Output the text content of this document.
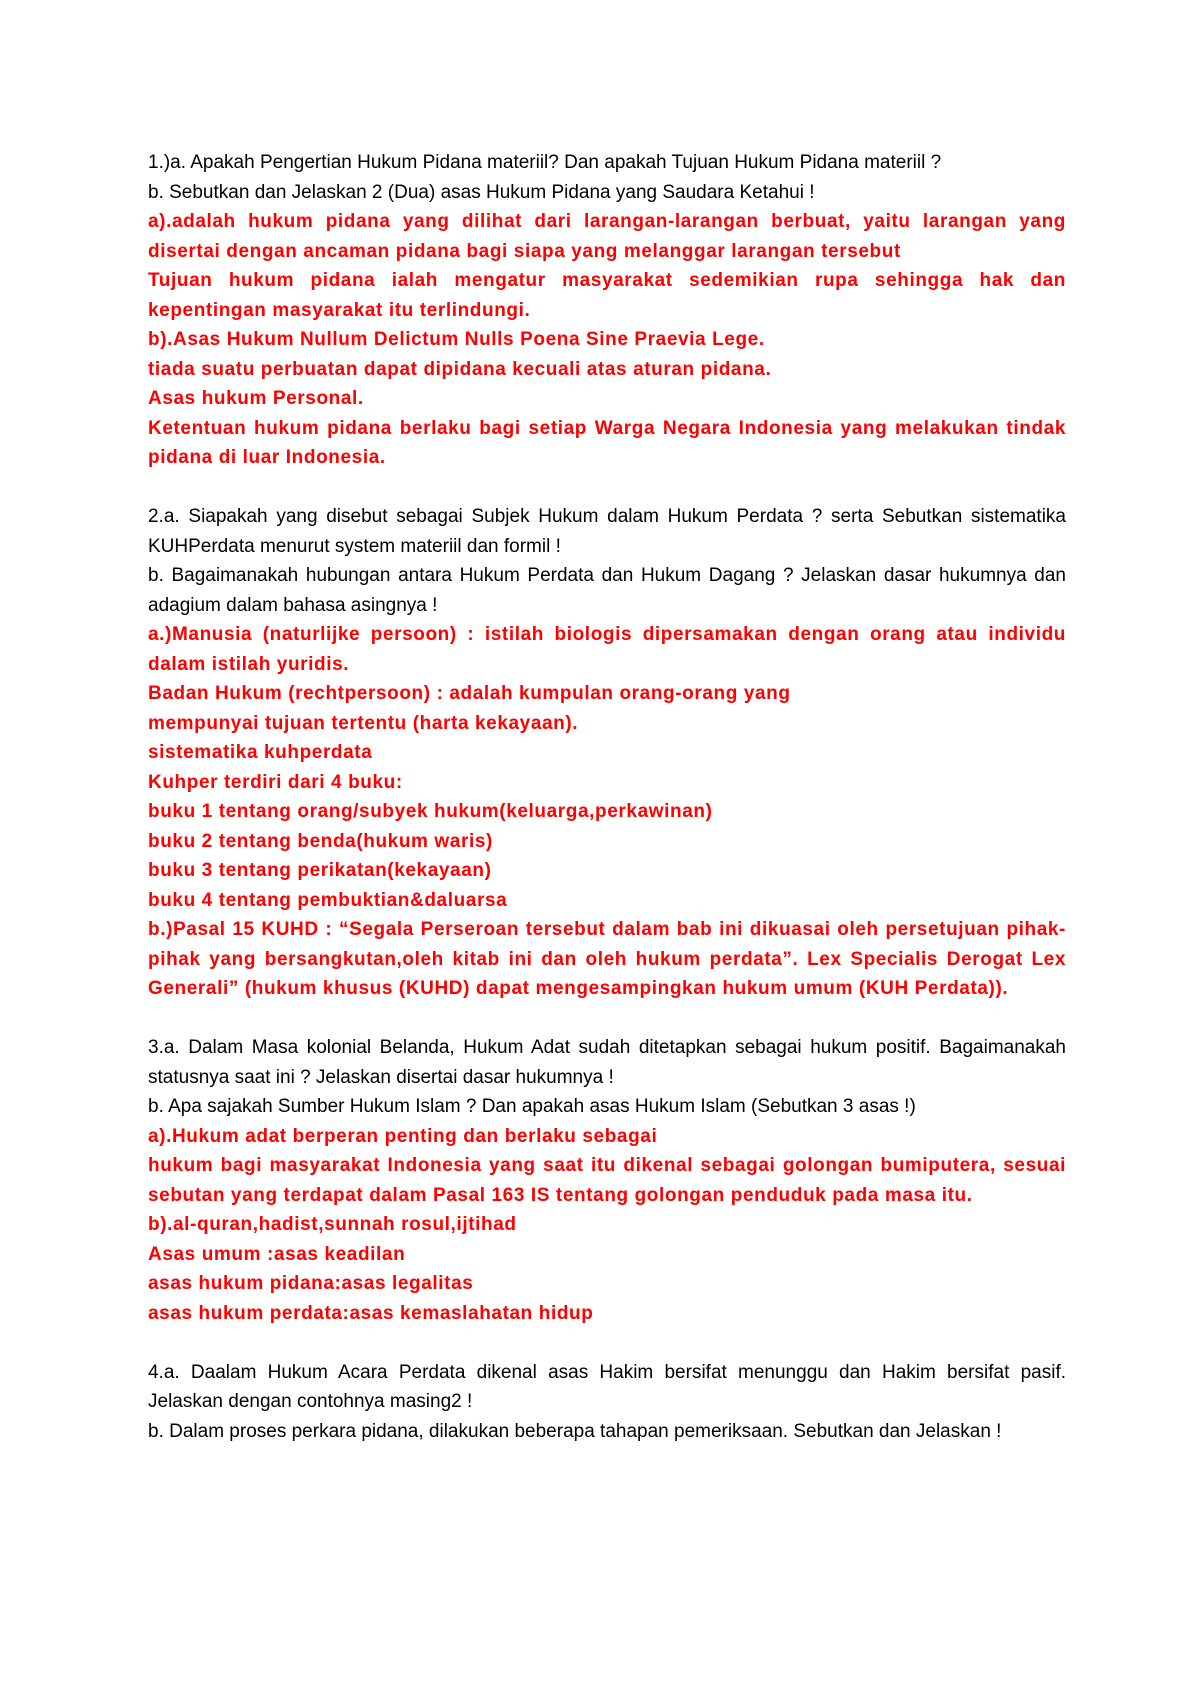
1.)a. Apakah Pengertian Hukum Pidana materiil? Dan apakah Tujuan Hukum Pidana materiil ?
b. Sebutkan dan Jelaskan 2 (Dua) asas Hukum Pidana yang Saudara Ketahui !
a).adalah hukum pidana yang dilihat dari larangan-larangan berbuat, yaitu larangan yang disertai dengan ancaman pidana bagi siapa yang melanggar larangan tersebut
Tujuan hukum pidana ialah mengatur masyarakat sedemikian rupa sehingga hak dan kepentingan masyarakat itu terlindungi.
b).Asas Hukum Nullum Delictum Nulls Poena Sine Praevia Lege.
tiada suatu perbuatan dapat dipidana kecuali atas aturan pidana.
Asas hukum Personal.
Ketentuan hukum pidana berlaku bagi setiap Warga Negara Indonesia yang melakukan tindak pidana di luar Indonesia.
2.a. Siapakah yang disebut sebagai Subjek Hukum dalam Hukum Perdata ? serta Sebutkan sistematika KUHPerdata menurut system materiil dan formil !
b. Bagaimanakah hubungan antara Hukum Perdata dan Hukum Dagang ? Jelaskan dasar hukumnya dan adagium dalam bahasa asingnya !
a.)Manusia (naturlijke persoon) : istilah biologis dipersamakan dengan orang atau individu dalam istilah yuridis.
Badan Hukum (rechtpersoon) : adalah kumpulan orang-orang yang
mempunyai tujuan tertentu (harta kekayaan).
sistematika kuhperdata
Kuhper terdiri dari 4 buku:
buku 1 tentang orang/subyek hukum(keluarga,perkawinan)
buku 2 tentang benda(hukum waris)
buku 3 tentang perikatan(kekayaan)
buku 4 tentang pembuktian&daluarsa
b.)Pasal 15 KUHD : “Segala Perseroan tersebut dalam bab ini dikuasai oleh persetujuan pihak-pihak yang bersangkutan,oleh kitab ini dan oleh hukum perdata”. Lex Specialis Derogat Lex Generali” (hukum khusus (KUHD) dapat mengesampingkan hukum umum (KUH Perdata)).
3.a. Dalam Masa kolonial Belanda, Hukum Adat sudah ditetapkan sebagai hukum positif. Bagaimanakah statusnya saat ini ? Jelaskan disertai dasar hukumnya !
b. Apa sajakah Sumber Hukum Islam ? Dan apakah asas Hukum Islam (Sebutkan 3 asas !)
a).Hukum adat berperan penting dan berlaku sebagai
hukum bagi masyarakat Indonesia yang saat itu dikenal sebagai golongan bumiputera, sesuai sebutan yang terdapat dalam Pasal 163 IS tentang golongan penduduk pada masa itu.
b).al-quran,hadist,sunnah rosul,ijtihad
Asas umum :asas keadilan
asas hukum pidana:asas legalitas
asas hukum perdata:asas kemaslahatan hidup
4.a. Daalam Hukum Acara Perdata dikenal asas Hakim bersifat menunggu dan Hakim bersifat pasif. Jelaskan dengan contohnya masing2 !
b. Dalam proses perkara pidana, dilakukan beberapa tahapan pemeriksaan. Sebutkan dan Jelaskan !
